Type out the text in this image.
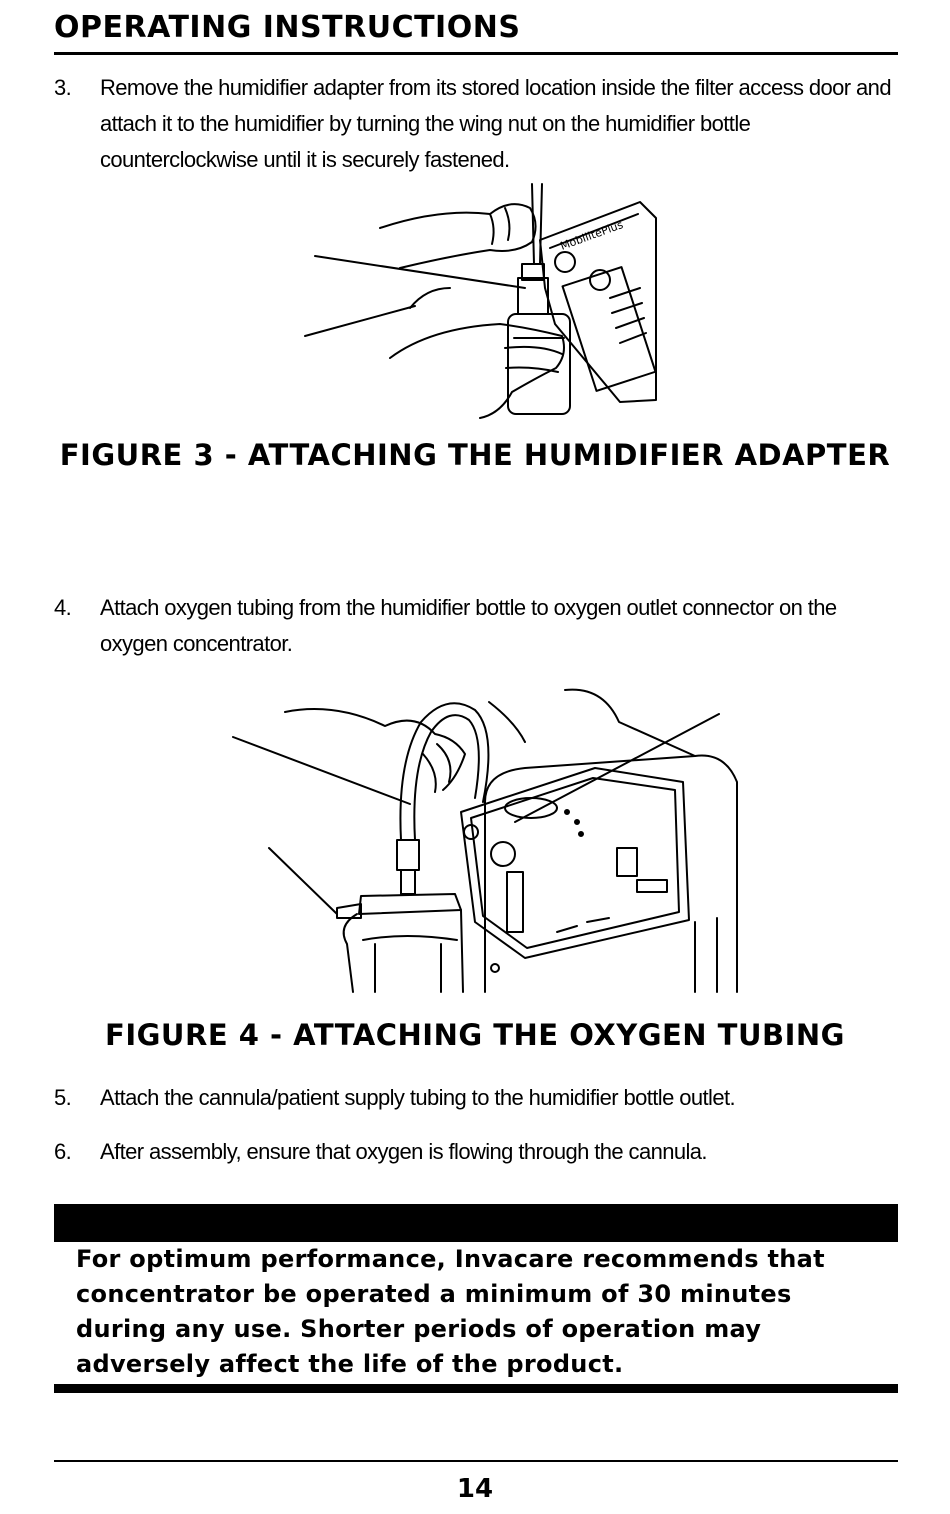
OPERATING INSTRUCTIONS
3.	Remove the humidifier adapter from its stored location inside the filter access door and attach it to the humidifier by turning the wing nut on the humidifier bottle counterclockwise until it is securely fastened.
MobilitePlus
FIGURE 3 - ATTACHING THE HUMIDIFIER ADAPTER
4.	Attach oxygen tubing from the humidifier bottle to oxygen outlet connector on the oxygen concentrator.
FIGURE 4 - ATTACHING THE OXYGEN TUBING
5.	Attach the cannula/patient supply tubing to the humidifier bottle outlet.
6.	After assembly, ensure that oxygen is flowing through the cannula.
For optimum performance, Invacare recommends that concentrator be operated a minimum of 30 minutes during any use. Shorter periods of operation may adversely affect the life of the product.
14
